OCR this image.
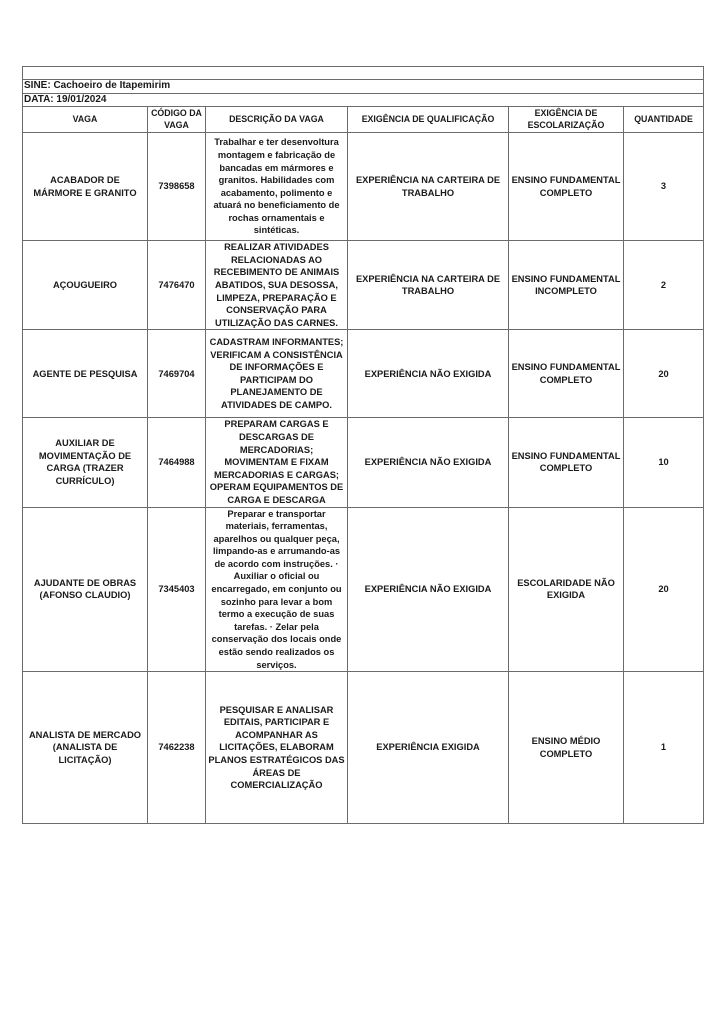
SINE: Cachoeiro de Itapemirim					
DATA: 19/01/2024					
VAGA	CÓDIGO DA VAGA	DESCRIÇÃO DA VAGA	EXIGÊNCIA DE QUALIFICAÇÃO	EXIGÊNCIA DE ESCOLARIZAÇÃO	QUANTIDADE
ACABADOR DE MÁRMORE E GRANITO	7398658	Trabalhar e ter desenvoltura montagem e fabricação de bancadas em mármores e granitos. Habilidades com acabamento, polimento e atuará no beneficiamento de rochas ornamentais e sintéticas.	EXPERIÊNCIA NA CARTEIRA DE TRABALHO	ENSINO FUNDAMENTAL COMPLETO	3
AÇOUGUEIRO	7476470	REALIZAR ATIVIDADES RELACIONADAS AO RECEBIMENTO DE ANIMAIS ABATIDOS, SUA DESOSSA, LIMPEZA, PREPARAÇÃO E CONSERVAÇÃO PARA UTILIZAÇÃO DAS CARNES.	EXPERIÊNCIA NA CARTEIRA DE TRABALHO	ENSINO FUNDAMENTAL INCOMPLETO	2
AGENTE DE PESQUISA	7469704	CADASTRAM INFORMANTES; VERIFICAM A CONSISTÊNCIA DE INFORMAÇÕES E PARTICIPAM DO PLANEJAMENTO DE ATIVIDADES DE CAMPO.	EXPERIÊNCIA NÃO EXIGIDA	ENSINO FUNDAMENTAL COMPLETO	20
AUXILIAR DE MOVIMENTAÇÃO DE CARGA (TRAZER CURRÍCULO)	7464988	PREPARAM CARGAS E DESCARGAS DE MERCADORIAS; MOVIMENTAM E FIXAM MERCADORIAS E CARGAS; OPERAM EQUIPAMENTOS DE CARGA E DESCARGA	EXPERIÊNCIA NÃO EXIGIDA	ENSINO FUNDAMENTAL COMPLETO	10
AJUDANTE DE OBRAS (AFONSO CLAUDIO)	7345403	Preparar e transportar materiais, ferramentas, aparelhos ou qualquer peça, limpando-as e arrumando-as de acordo com instruções. · Auxiliar o oficial ou encarregado, em conjunto ou sozinho para levar a bom termo a execução de suas tarefas. · Zelar pela conservação dos locais onde estão sendo realizados os serviços.	EXPERIÊNCIA NÃO EXIGIDA	ESCOLARIDADE NÃO EXIGIDA	20
ANALISTA DE MERCADO (ANALISTA DE LICITAÇÃO)	7462238	PESQUISAR E ANALISAR EDITAIS, PARTICIPAR E ACOMPANHAR AS LICITAÇÕES, ELABORAM PLANOS ESTRATÉGICOS DAS ÁREAS DE COMERCIALIZAÇÃO	EXPERIÊNCIA EXIGIDA	ENSINO MÉDIO COMPLETO	1
